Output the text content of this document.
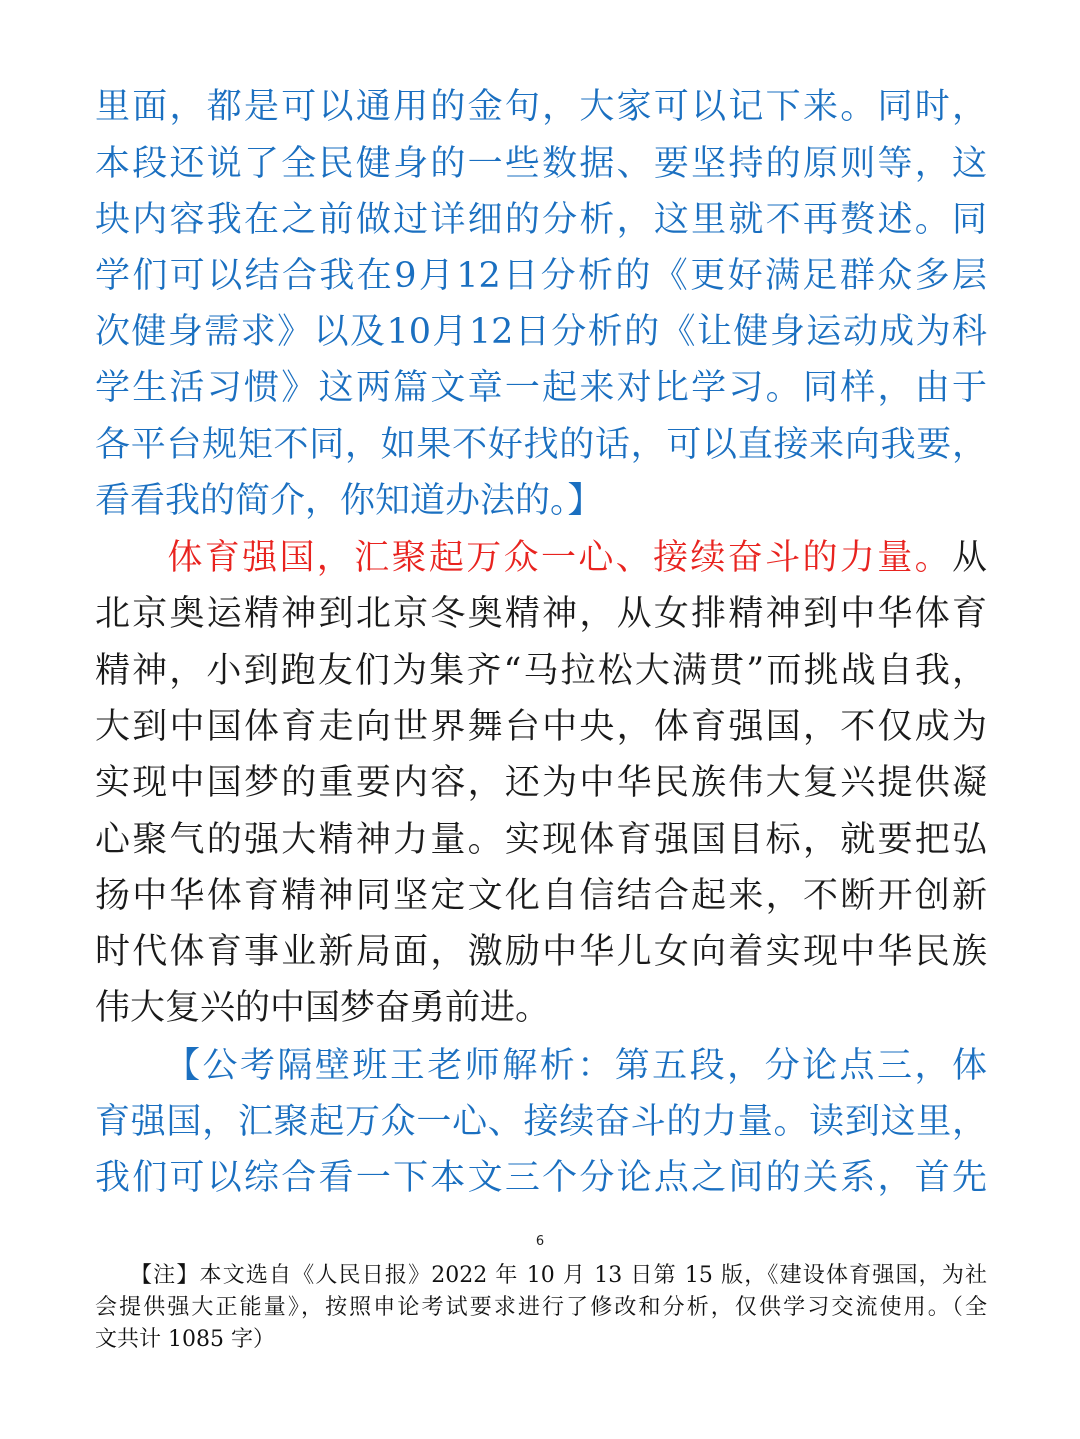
里面，都是可以通用的金句，大家可以记下来。同时，
本段还说了全民健身的一些数据、要坚持的原则等，这
块内容我在之前做过详细的分析，这里就不再赘述。同
学们可以结合我在9月12日分析的《更好满足群众多层
次健身需求》以及10月12日分析的《让健身运动成为科
学生活习惯》这两篇文章一起来对比学习。同样，由于
各平台规矩不同，如果不好找的话，可以直接来向我要，
看看我的简介，你知道办法的。】
体育强国，汇聚起万众一心、接续奋斗的力量。从
北京奥运精神到北京冬奥精神，从女排精神到中华体育
精神，小到跑友们为集齐“马拉松大满贯”而挑战自我，
大到中国体育走向世界舞台中央，体育强国，不仅成为
实现中国梦的重要内容，还为中华民族伟大复兴提供凝
心聚气的强大精神力量。实现体育强国目标，就要把弘
扬中华体育精神同坚定文化自信结合起来，不断开创新
时代体育事业新局面，激励中华儿女向着实现中华民族
伟大复兴的中国梦奋勇前进。
【公考隔壁班王老师解析：第五段，分论点三，体
育强国，汇聚起万众一心、接续奋斗的力量。读到这里，
我们可以综合看一下本文三个分论点之间的关系，首先
6
【注】本文选自《人民日报》2022 年 10 月 13 日第 15 版，《建设体育强国，为社
会提供强大正能量》，按照申论考试要求进行了修改和分析，仅供学习交流使用。（全
文共计 1085 字）
